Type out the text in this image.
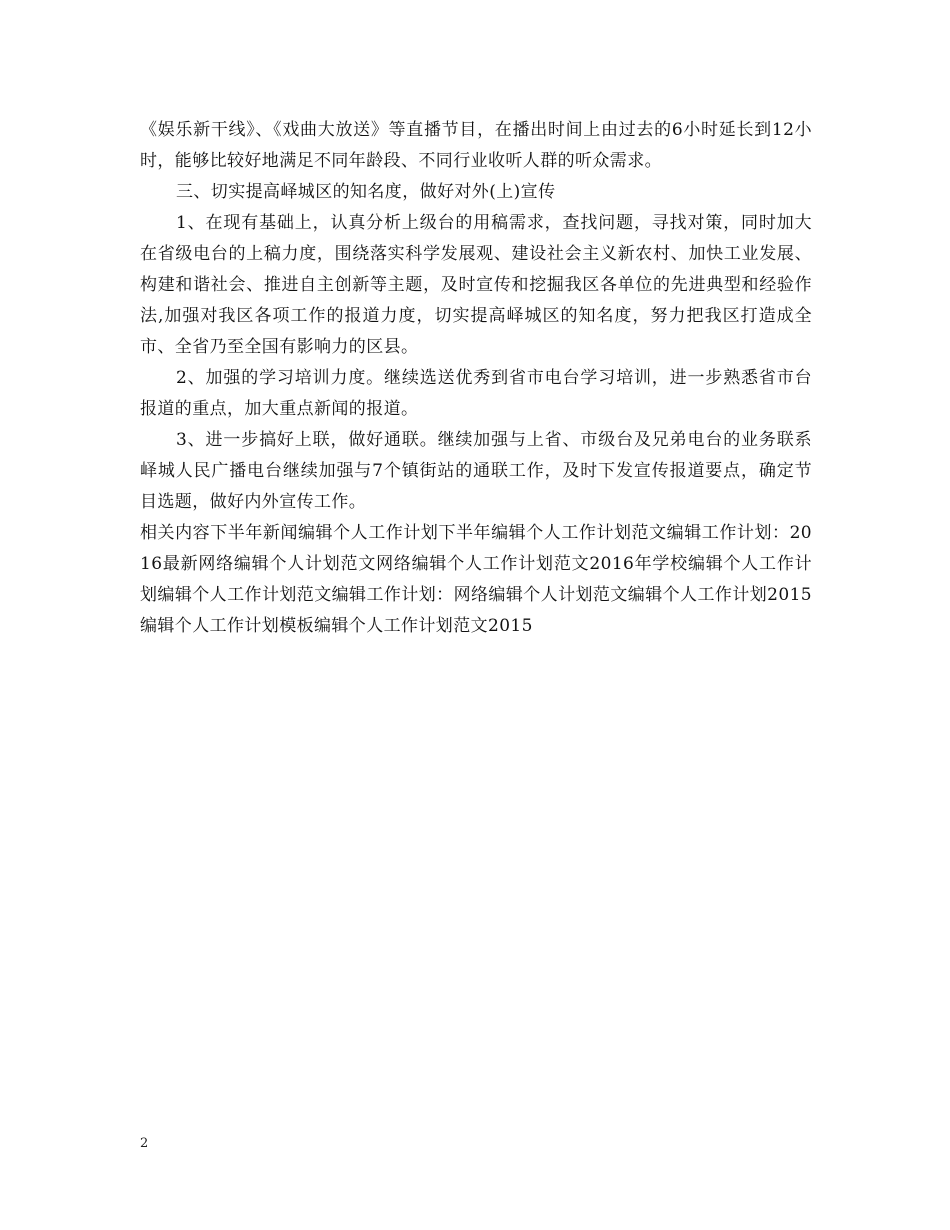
《娱乐新干线》、《戏曲大放送》等直播节目，在播出时间上由过去的6小时延长到12小时，能够比较好地满足不同年龄段、不同行业收听人群的听众需求。

三、切实提高峄城区的知名度，做好对外(上)宣传

1、在现有基础上，认真分析上级台的用稿需求，查找问题，寻找对策，同时加大在省级电台的上稿力度，围绕落实科学发展观、建设社会主义新农村、加快工业发展、构建和谐社会、推进自主创新等主题，及时宣传和挖掘我区各单位的先进典型和经验作法,加强对我区各项工作的报道力度，切实提高峄城区的知名度，努力把我区打造成全市、全省乃至全国有影响力的区县。

2、加强的学习培训力度。继续选送优秀到省市电台学习培训，进一步熟悉省市台报道的重点，加大重点新闻的报道。

3、进一步搞好上联，做好通联。继续加强与上省、市级台及兄弟电台的业务联系峄城人民广播电台继续加强与7个镇街站的通联工作，及时下发宣传报道要点，确定节目选题，做好内外宣传工作。

相关内容下半年新闻编辑个人工作计划下半年编辑个人工作计划范文编辑工作计划：2016最新网络编辑个人计划范文网络编辑个人工作计划范文2016年学校编辑个人工作计划编辑个人工作计划范文编辑工作计划：网络编辑个人计划范文编辑个人工作计划2015编辑个人工作计划模板编辑个人工作计划范文2015

2
